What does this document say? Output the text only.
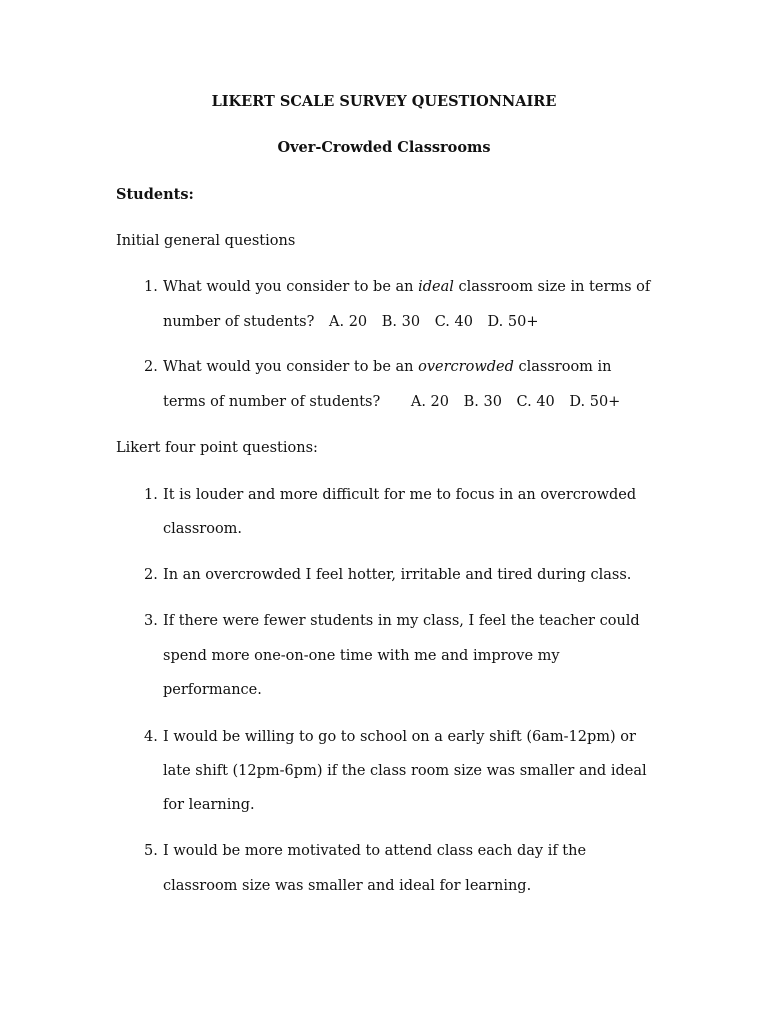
LIKERT SCALE SURVEY QUESTIONNAIRE
Over-Crowded Classrooms
Students:
Initial general questions
1. What would you consider to be an ideal classroom size in terms of
number of students? A. 20 B. 30 C. 40 D. 50+
2. What would you consider to be an overcrowded classroom in
terms of number of students? A. 20 B. 30 C. 40 D. 50+
Likert four point questions:
1. It is louder and more difficult for me to focus in an overcrowded
classroom.
2. In an overcrowded I feel hotter, irritable and tired during class.
3. If there were fewer students in my class, I feel the teacher could
spend more one-on-one time with me and improve my
performance.
4. I would be willing to go to school on a early shift (6am-12pm) or
late shift (12pm-6pm) if the class room size was smaller and ideal
for learning.
5. I would be more motivated to attend class each day if the
classroom size was smaller and ideal for learning.
